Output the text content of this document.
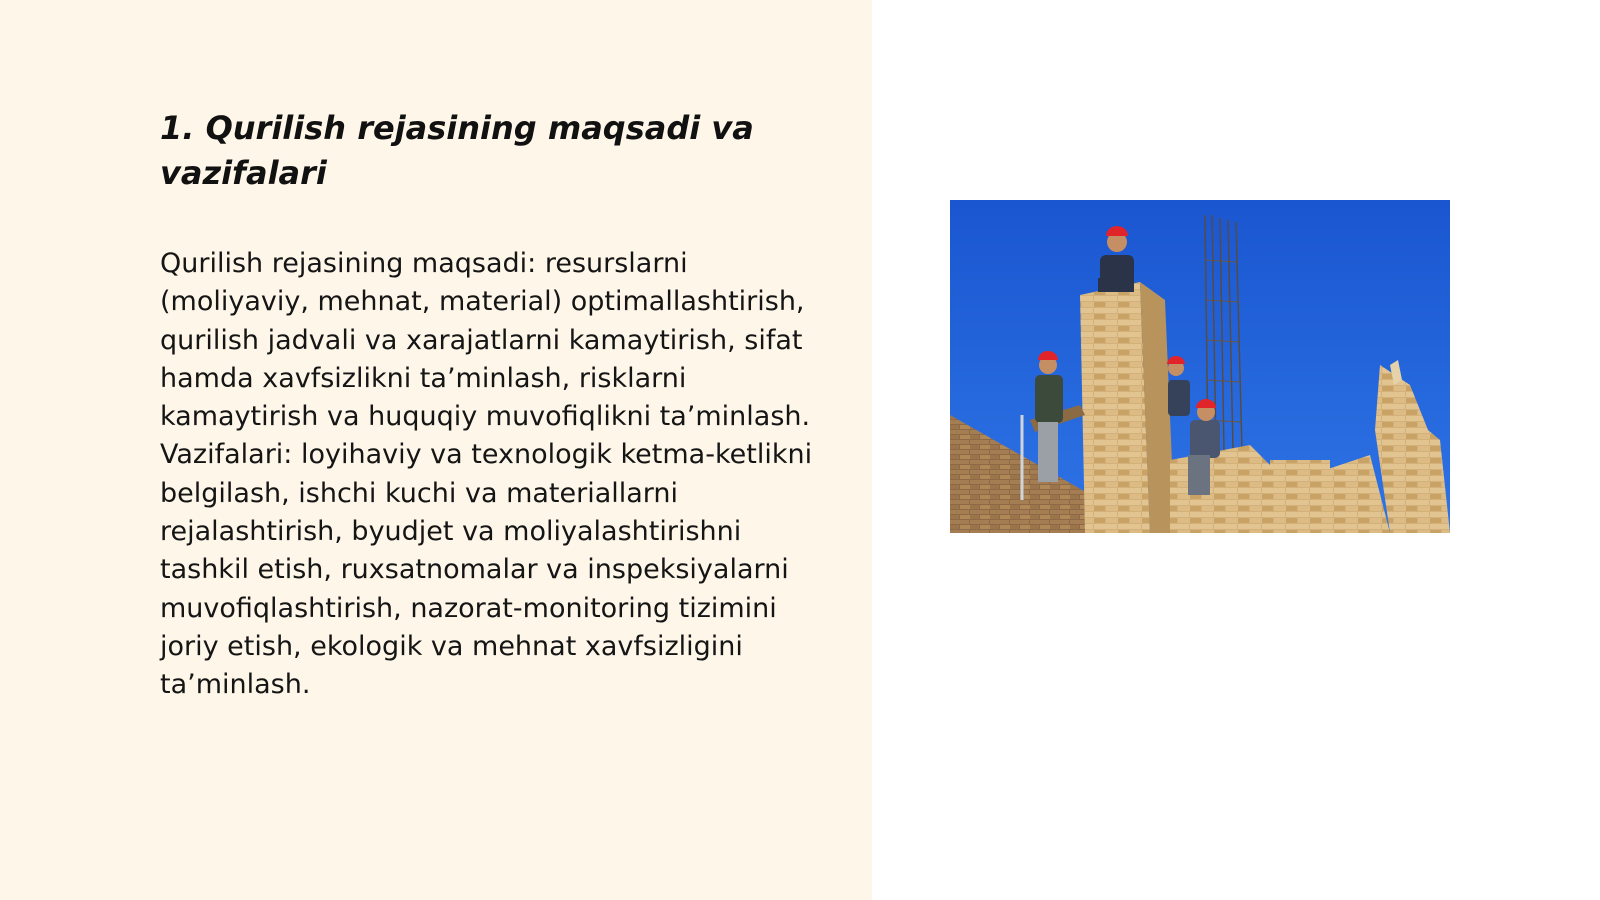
1. Qurilish rejasining maqsadi va vazifalari

Qurilish rejasining maqsadi: resurslarni (moliyaviy, mehnat, material) optimallashtirish, qurilish jadvali va xarajatlarni kamaytirish, sifat hamda xavfsizlikni ta’minlash, risklarni kamaytirish va huquqiy muvofiqlikni ta’minlash. Vazifalari: loyihaviy va texnologik ketma-ketlikni belgilash, ishchi kuchi va materiallarni rejalashtirish, byudjet va moliyalashtirishni tashkil etish, ruxsatnomalar va inspeksiyalarni muvofiqlashtirish, nazorat-monitoring tizimini joriy etish, ekologik va mehnat xavfsizligini ta’minlash.
